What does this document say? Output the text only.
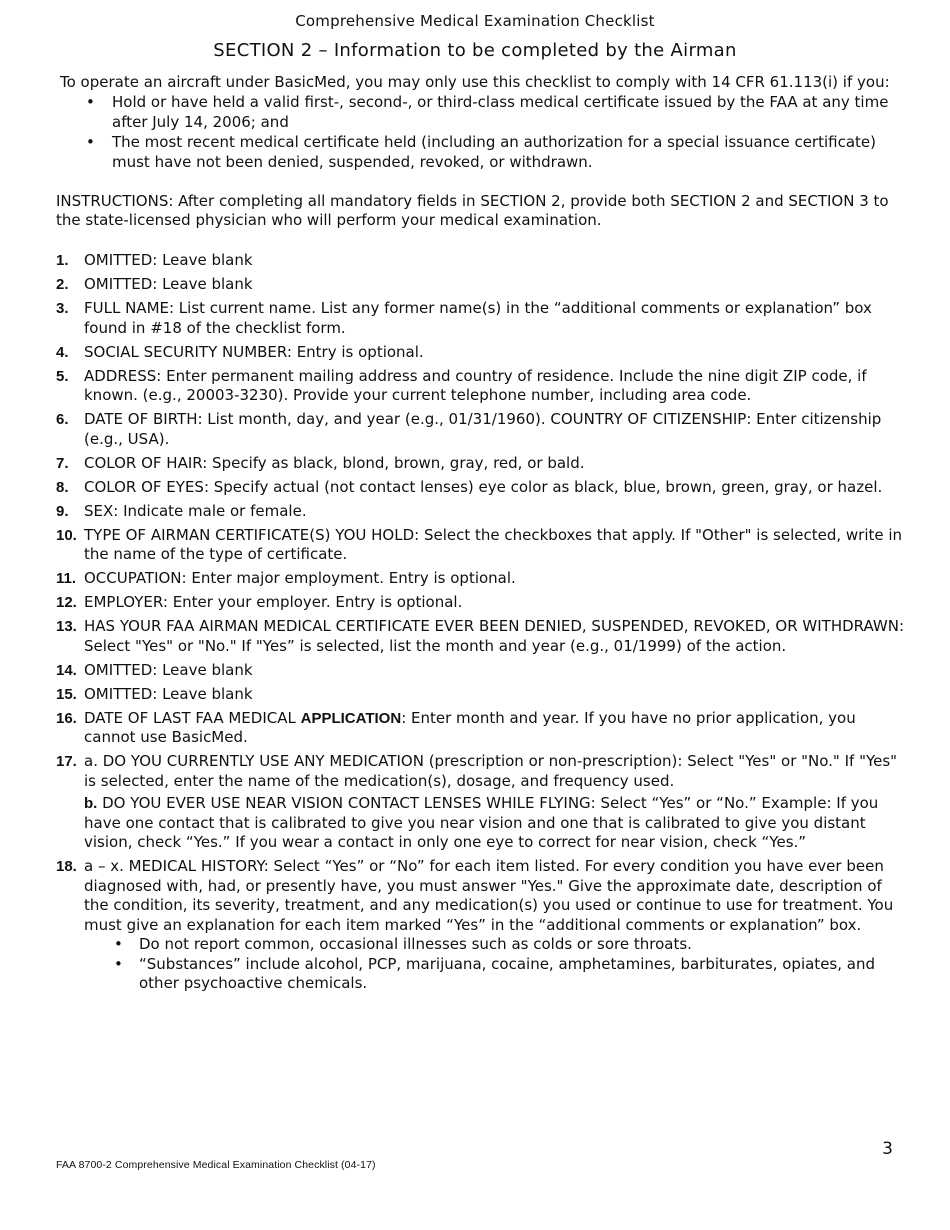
Comprehensive Medical Examination Checklist
SECTION 2 – Information to be completed by the Airman
To operate an aircraft under BasicMed, you may only use this checklist to comply with 14 CFR 61.113(i) if you:
• Hold or have held a valid first-, second-, or third-class medical certificate issued by the FAA at any time after July 14, 2006; and
• The most recent medical certificate held (including an authorization for a special issuance certificate) must have not been denied, suspended, revoked, or withdrawn.
INSTRUCTIONS: After completing all mandatory fields in SECTION 2, provide both SECTION 2 and SECTION 3 to the state-licensed physician who will perform your medical examination.
1. OMITTED: Leave blank
2. OMITTED: Leave blank
3. FULL NAME: List current name. List any former name(s) in the “additional comments or explanation” box found in #18 of the checklist form.
4. SOCIAL SECURITY NUMBER: Entry is optional.
5. ADDRESS: Enter permanent mailing address and country of residence. Include the nine digit ZIP code, if known. (e.g., 20003-3230). Provide your current telephone number, including area code.
6. DATE OF BIRTH: List month, day, and year (e.g., 01/31/1960). COUNTRY OF CITIZENSHIP: Enter citizenship (e.g., USA).
7. COLOR OF HAIR: Specify as black, blond, brown, gray, red, or bald.
8. COLOR OF EYES: Specify actual (not contact lenses) eye color as black, blue, brown, green, gray, or hazel.
9. SEX: Indicate male or female.
10. TYPE OF AIRMAN CERTIFICATE(S) YOU HOLD: Select the checkboxes that apply. If "Other" is selected, write in the name of the type of certificate.
11. OCCUPATION: Enter major employment. Entry is optional.
12. EMPLOYER: Enter your employer. Entry is optional.
13. HAS YOUR FAA AIRMAN MEDICAL CERTIFICATE EVER BEEN DENIED, SUSPENDED, REVOKED, OR WITHDRAWN: Select "Yes" or "No." If "Yes” is selected, list the month and year (e.g., 01/1999) of the action.
14. OMITTED: Leave blank
15. OMITTED: Leave blank
16. DATE OF LAST FAA MEDICAL APPLICATION: Enter month and year. If you have no prior application, you cannot use BasicMed.
17. a. DO YOU CURRENTLY USE ANY MEDICATION (prescription or non-prescription): Select "Yes" or "No." If "Yes" is selected, enter the name of the medication(s), dosage, and frequency used.
b. DO YOU EVER USE NEAR VISION CONTACT LENSES WHILE FLYING: Select “Yes” or “No.” Example: If you have one contact that is calibrated to give you near vision and one that is calibrated to give you distant vision, check “Yes.” If you wear a contact in only one eye to correct for near vision, check “Yes.”
18. a – x. MEDICAL HISTORY: Select “Yes” or “No” for each item listed. For every condition you have ever been diagnosed with, had, or presently have, you must answer "Yes." Give the approximate date, description of the condition, its severity, treatment, and any medication(s) you used or continue to use for treatment. You must give an explanation for each item marked “Yes” in the “additional comments or explanation” box.
• Do not report common, occasional illnesses such as colds or sore throats.
• “Substances” include alcohol, PCP, marijuana, cocaine, amphetamines, barbiturates, opiates, and other psychoactive chemicals.
3
FAA 8700-2 Comprehensive Medical Examination Checklist (04-17)
